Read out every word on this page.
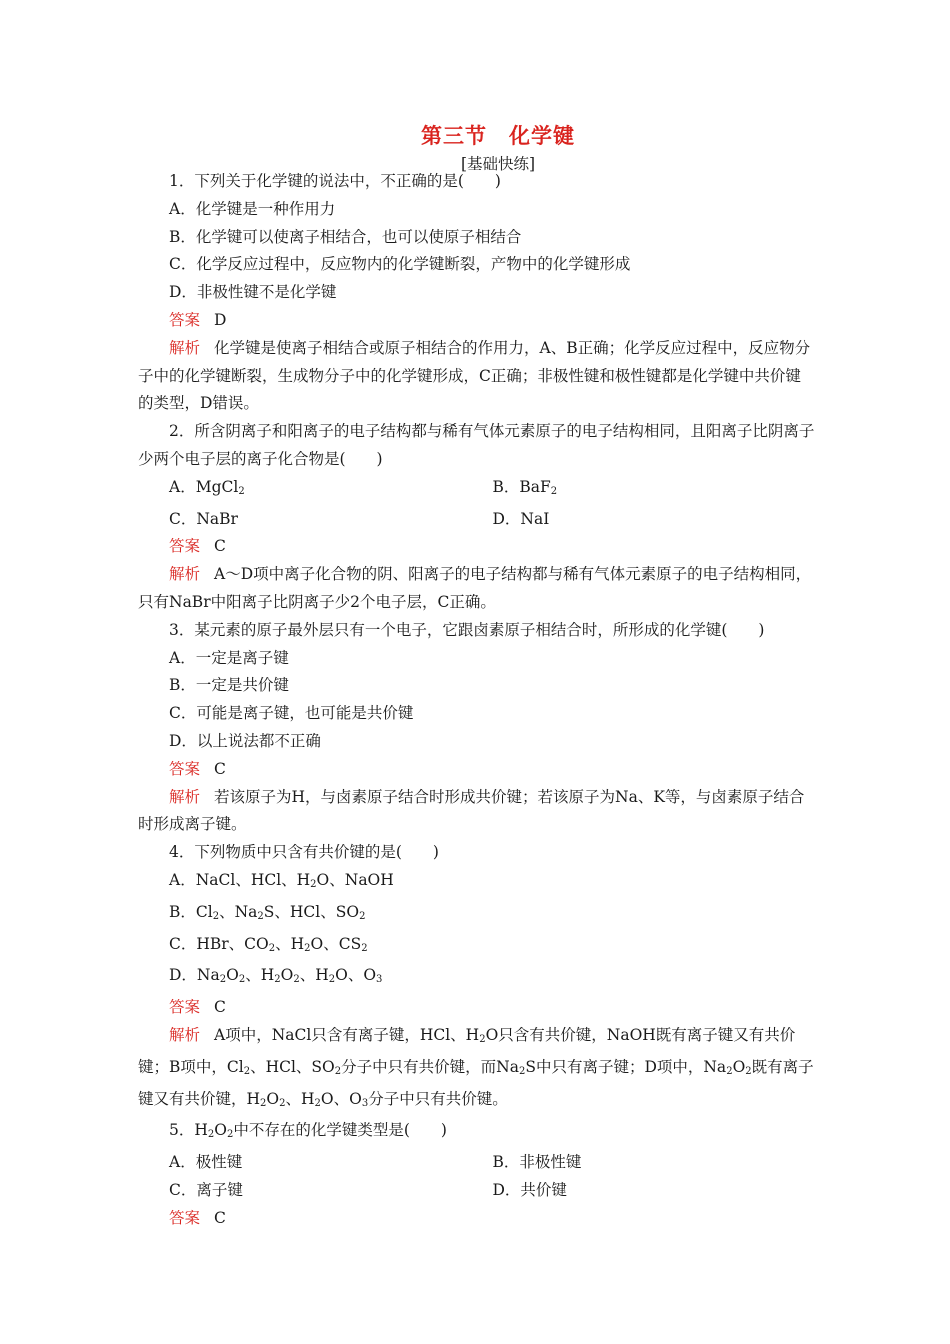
第三节 化学键
[基础快练]

1．下列关于化学键的说法中，不正确的是(　　)

A．化学键是一种作用力

B．化学键可以使离子相结合，也可以使原子相结合

C．化学反应过程中，反应物内的化学键断裂，产物中的化学键形成

D．非极性键不是化学键

答案 D

解析 化学键是使离子相结合或原子相结合的作用力，A、B正确；化学反应过程中，反应物分子中的化学键断裂，生成物分子中的化学键形成，C正确；非极性键和极性键都是化学键中共价键的类型，D错误。

2．所含阴离子和阳离子的电子结构都与稀有气体元素原子的电子结构相同，且阳离子比阴离子少两个电子层的离子化合物是(　　)

A．MgCl$_2$	B．BaF$_2$
C．NaBr	D．NaI

答案 C

解析 A～D项中离子化合物的阴、阳离子的电子结构都与稀有气体元素原子的电子结构相同，只有NaBr中阳离子比阴离子少2个电子层，C正确。

3．某元素的原子最外层只有一个电子，它跟卤素原子相结合时，所形成的化学键(　　)

A．一定是离子键

B．一定是共价键

C．可能是离子键，也可能是共价键

D．以上说法都不正确

答案 C

解析 若该原子为H，与卤素原子结合时形成共价键；若该原子为Na、K等，与卤素原子结合时形成离子键。

4．下列物质中只含有共价键的是(　　)

A．NaCl、HCl、$H_2O$、NaOH

B．$Cl_2$、$Na_2S$、HCl、$SO_2$

C．HBr、$CO_2$、$H_2O$、$CS_2$

D．$Na_2O_2$、$H_2O_2$、$H_2O$、$O_3$

答案 C

解析 A项中，NaCl只含有离子键，HCl、$H_2O$只含有共价键，NaOH既有离子键又有共价键；B项中，$Cl_2$、HCl、$SO_2$分子中只有共价键，而$Na_2S$中只有离子键；D项中，$Na_2O_2$既有离子键又有共价键，$H_2O_2$、$H_2O$、$O_3$分子中只有共价键。

5．$H_2O_2$中不存在的化学键类型是(　　)

A．极性键	B．非极性键
C．离子键	D．共价键

答案 C
